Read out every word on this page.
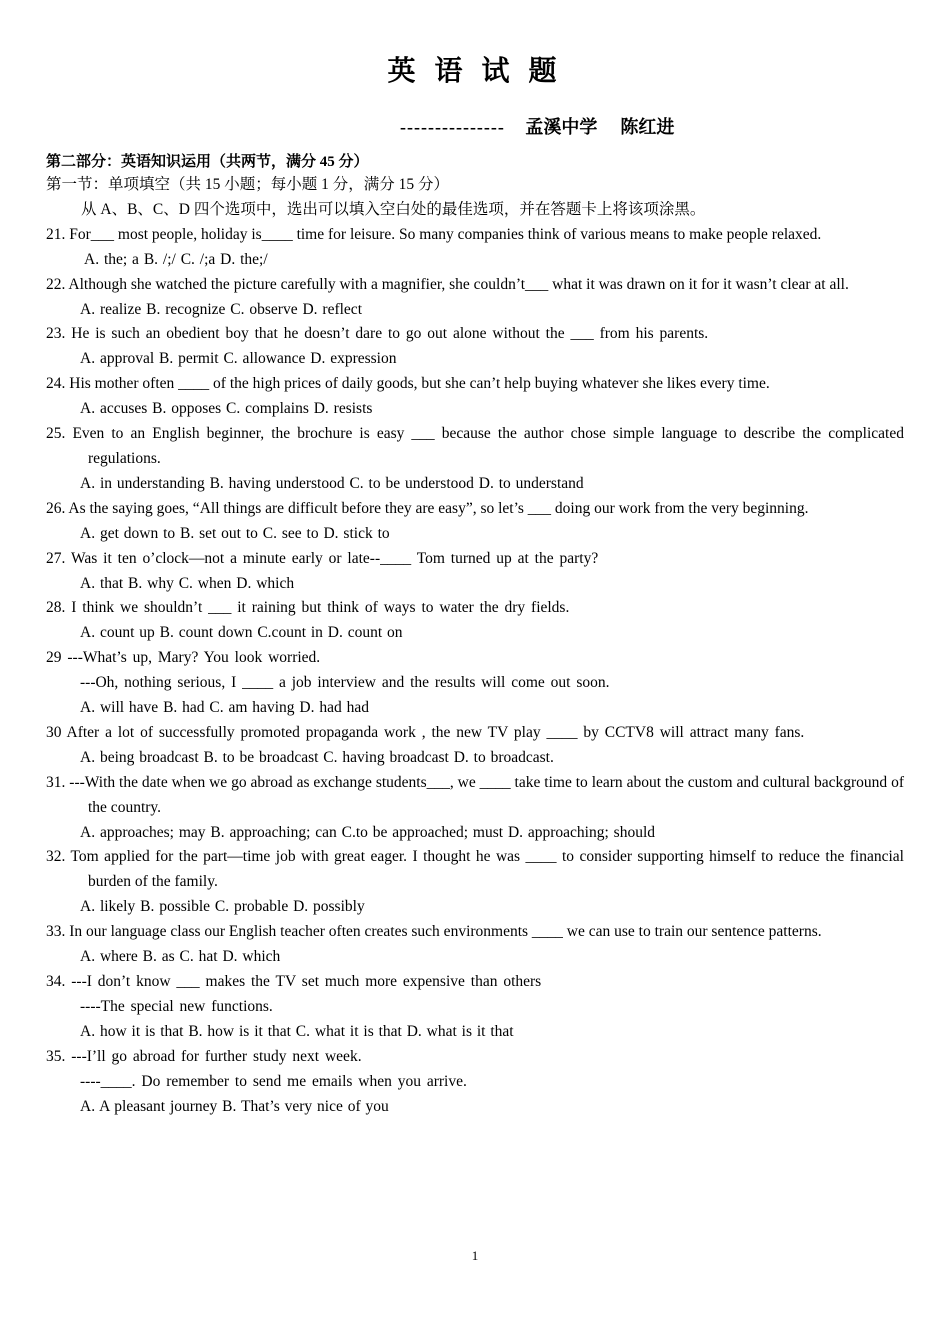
英 语 试 题
--------------- 孟溪中学 陈红进
第二部分：英语知识运用（共两节，满分 45 分）
第一节：单项填空（共 15 小题；每小题 1 分，满分 15 分）
从 A、B、C、D 四个选项中，选出可以填入空白处的最佳选项，并在答题卡上将该项涂黑。
21. For___ most people, holiday is____ time for leisure. So many companies think of various means to make people relaxed.
A. the; a B. /;/ C. /;a D. the;/
22. Although she watched the picture carefully with a magnifier, she couldn’t___ what it was drawn on it for it wasn’t clear at all.
A. realize B. recognize C. observe D. reflect
23. He is such an obedient boy that he doesn’t dare to go out alone without the ___ from his parents.
A. approval B. permit C. allowance D. expression
24. His mother often ____ of the high prices of daily goods, but she can’t help buying whatever she likes every time.
A. accuses B. opposes C. complains D. resists
25. Even to an English beginner, the brochure is easy ___ because the author chose simple language to describe the complicated regulations.
A. in understanding B. having understood C. to be understood D. to understand
26. As the saying goes, “All things are difficult before they are easy”, so let’s ___ doing our work from the very beginning.
A. get down to B. set out to C. see to D. stick to
27. Was it ten o’clock—not a minute early or late--____ Tom turned up at the party?
A. that B. why C. when D. which
28. I think we shouldn’t ___ it raining but think of ways to water the dry fields.
A. count up B. count down C.count in D. count on
29 ---What’s up, Mary? You look worried.
---Oh, nothing serious, I ____ a job interview and the results will come out soon.
A. will have B. had C. am having D. had had
30 After a lot of successfully promoted propaganda work , the new TV play ____ by CCTV8 will attract many fans.
A. being broadcast B. to be broadcast C. having broadcast D. to broadcast.
31. ---With the date when we go abroad as exchange students___, we ____ take time to learn about the custom and cultural background of the country.
A. approaches; may B. approaching; can C.to be approached; must D. approaching; should
32. Tom applied for the part—time job with great eager. I thought he was ____ to consider supporting himself to reduce the financial burden of the family.
A. likely B. possible C. probable D. possibly
33. In our language class our English teacher often creates such environments ____ we can use to train our sentence patterns.
A. where B. as C. hat D. which
34. ---I don’t know ___ makes the TV set much more expensive than others
----The special new functions.
A. how it is that B. how is it that C. what it is that D. what is it that
35. ---I’ll go abroad for further study next week.
----____. Do remember to send me emails when you arrive.
A. A pleasant journey B. That’s very nice of you
1
